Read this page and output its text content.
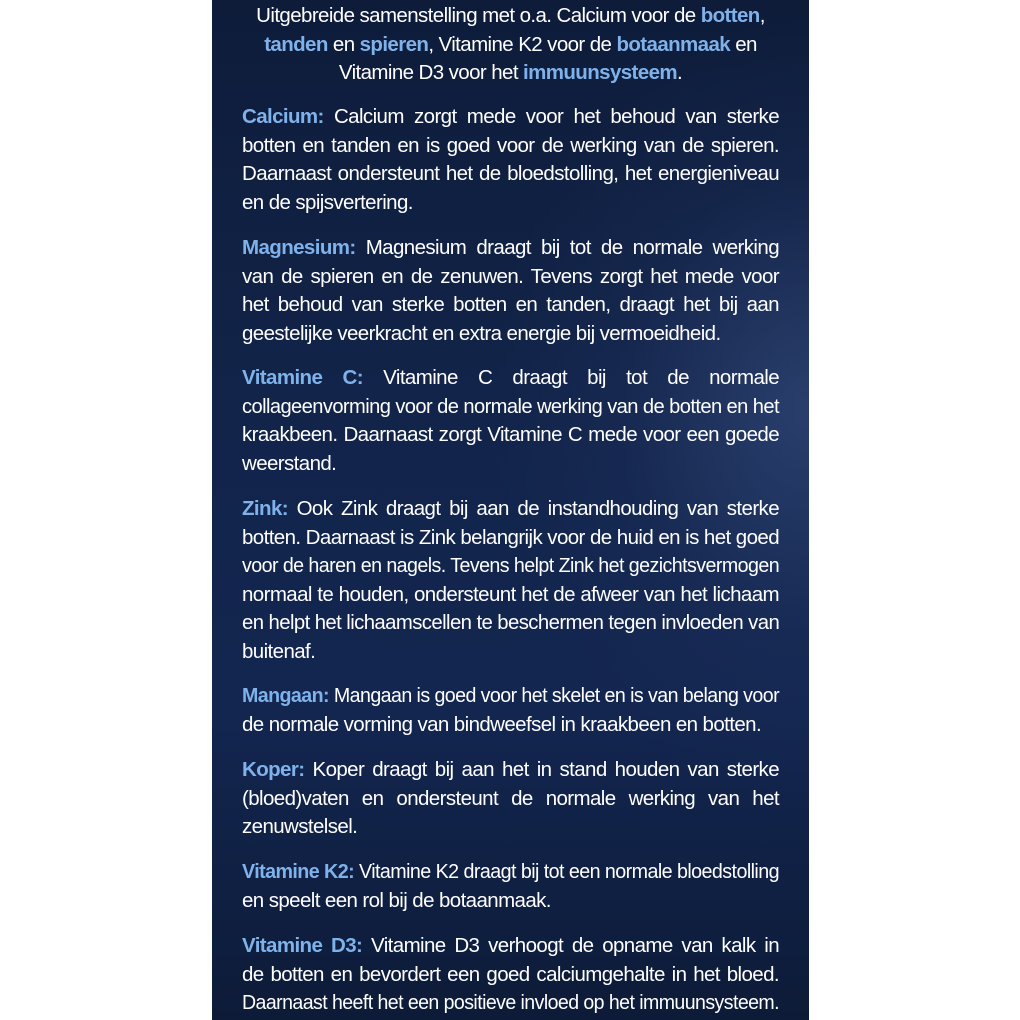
Uitgebreide samenstelling met o.a. Calcium voor de botten,
tanden en spieren, Vitamine K2 voor de botaanmaak en
Vitamine D3 voor het immuunsysteem.

Calcium: Calcium zorgt mede voor het behoud van sterke
botten en tanden en is goed voor de werking van de spieren.
Daarnaast ondersteunt het de bloedstolling, het energieniveau
en de spijsvertering.
Magnesium: Magnesium draagt bij tot de normale werking
van de spieren en de zenuwen. Tevens zorgt het mede voor
het behoud van sterke botten en tanden, draagt het bij aan
geestelijke veerkracht en extra energie bij vermoeidheid.
Vitamine C: Vitamine C draagt bij tot de normale
collageenvorming voor de normale werking van de botten en het
kraakbeen. Daarnaast zorgt Vitamine C mede voor een goede
weerstand.
Zink: Ook Zink draagt bij aan de instandhouding van sterke
botten. Daarnaast is Zink belangrijk voor de huid en is het goed
voor de haren en nagels. Tevens helpt Zink het gezichtsvermogen
normaal te houden, ondersteunt het de afweer van het lichaam
en helpt het lichaamscellen te beschermen tegen invloeden van
buitenaf.
Mangaan: Mangaan is goed voor het skelet en is van belang voor
de normale vorming van bindweefsel in kraakbeen en botten.
Koper: Koper draagt bij aan het in stand houden van sterke
(bloed)vaten en ondersteunt de normale werking van het
zenuwstelsel.
Vitamine K2: Vitamine K2 draagt bij tot een normale bloedstolling
en speelt een rol bij de botaanmaak.
Vitamine D3: Vitamine D3 verhoogt de opname van kalk in
de botten en bevordert een goed calciumgehalte in het bloed.
Daarnaast heeft het een positieve invloed op het immuunsysteem.
